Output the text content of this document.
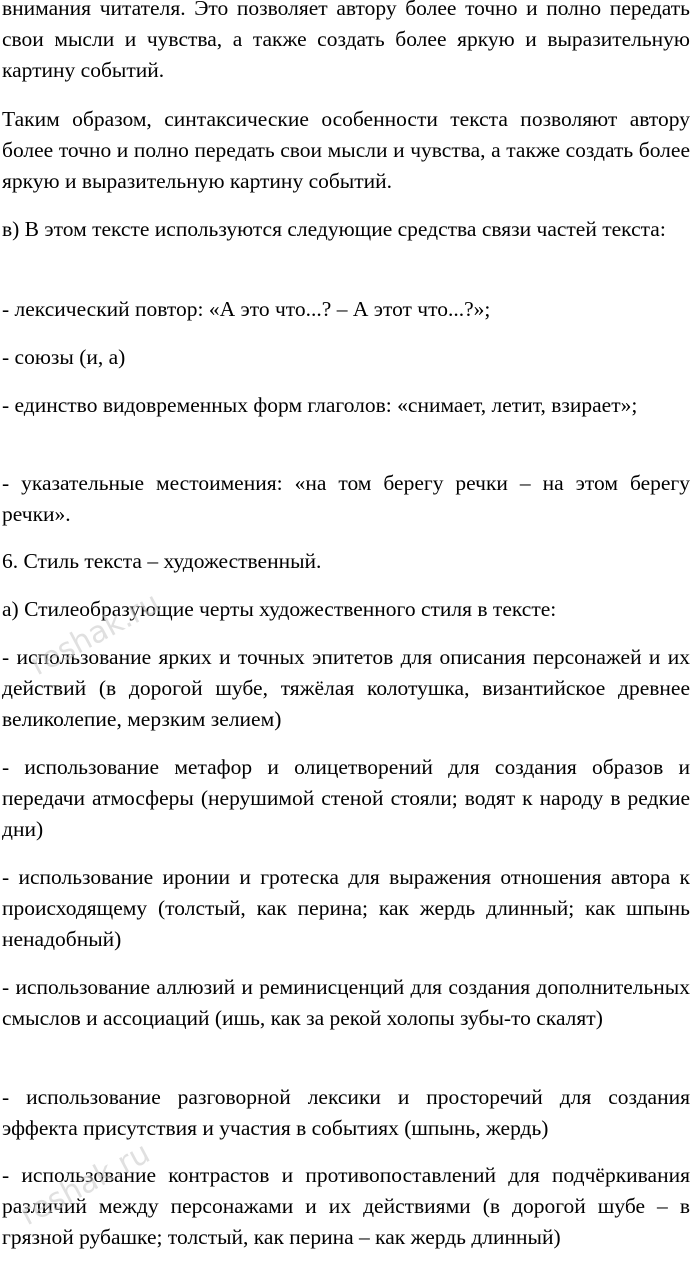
внимания читателя. Это позволяет автору более точно и полно передать свои мысли и чувства, а также создать более яркую и выразительную картину событий.

Таким образом, синтаксические особенности текста позволяют автору более точно и полно передать свои мысли и чувства, а также создать более яркую и выразительную картину событий.

в) В этом тексте используются следующие средства связи частей текста:

- лексический повтор: «А это что...? – А этот что...?»;

- союзы (и, а)

- единство видовременных форм глаголов: «снимает, летит, взирает»;

- указательные местоимения: «на том берегу речки – на этом берегу речки».

6. Стиль текста – художественный.

а) Стилеобразующие черты художественного стиля в тексте:

- использование ярких и точных эпитетов для описания персонажей и их действий (в дорогой шубе, тяжёлая колотушка, византийское древнее великолепие, мерзким зелием)

- использование метафор и олицетворений для создания образов и передачи атмосферы (нерушимой стеной стояли; водят к народу в редкие дни)

- использование иронии и гротеска для выражения отношения автора к происходящему (толстый, как перина; как жердь длинный; как шпынь ненадобный)

- использование аллюзий и реминисценций для создания дополнительных смыслов и ассоциаций (ишь, как за рекой холопы зубы-то скалят)

- использование разговорной лексики и просторечий для создания эффекта присутствия и участия в событиях (шпынь, жердь)

- использование контрастов и противопоставлений для подчёркивания различий между персонажами и их действиями (в дорогой шубе – в грязной рубашке; толстый, как перина – как жердь длинный)

reshak.ru
reshak.ru
